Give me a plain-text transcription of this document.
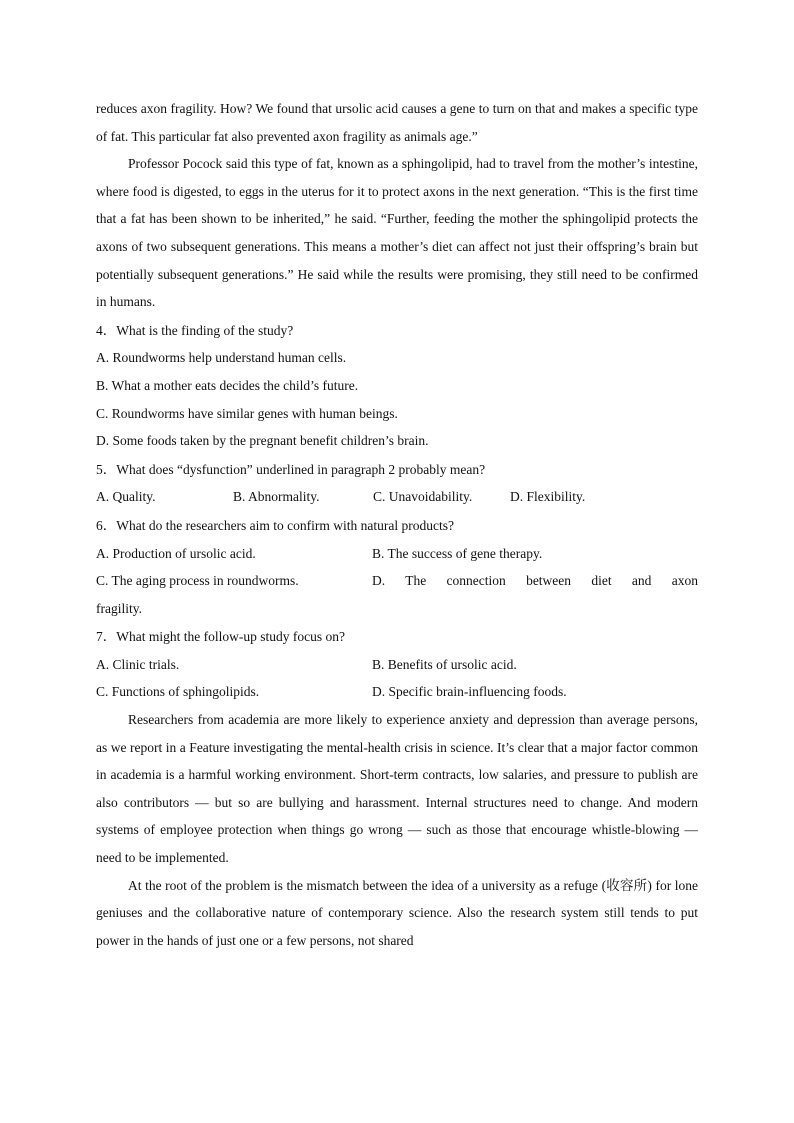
reduces axon fragility. How? We found that ursolic acid causes a gene to turn on that and makes a specific type of fat. This particular fat also prevented axon fragility as animals age.”

Professor Pocock said this type of fat, known as a sphingolipid, had to travel from the mother’s intestine, where food is digested, to eggs in the uterus for it to protect axons in the next generation. “This is the first time that a fat has been shown to be inherited,” he said. “Further, feeding the mother the sphingolipid protects the axons of two subsequent generations. This means a mother’s diet can affect not just their offspring’s brain but potentially subsequent generations.” He said while the results were promising, they still need to be confirmed in humans.

4．What is the finding of the study?

A. Roundworms help understand human cells.

B. What a mother eats decides the child’s future.

C. Roundworms have similar genes with human beings.

D. Some foods taken by the pregnant benefit children’s brain.

5．What does “dysfunction” underlined in paragraph 2 probably mean?

A. Quality.	B. Abnormality.	C. Unavoidability.	D. Flexibility.

6．What do the researchers aim to confirm with natural products?

A. Production of ursolic acid.	B. The success of gene therapy.
C. The aging process in roundworms.	D. The connection between diet and axon

fragility.

7．What might the follow-up study focus on?

A. Clinic trials.	B. Benefits of ursolic acid.
C. Functions of sphingolipids.	D. Specific brain-influencing foods.

Researchers from academia are more likely to experience anxiety and depression than average persons, as we report in a Feature investigating the mental-health crisis in science. It’s clear that a major factor common in academia is a harmful working environment. Short-term contracts, low salaries, and pressure to publish are also contributors — but so are bullying and harassment. Internal structures need to change. And modern systems of employee protection when things go wrong — such as those that encourage whistle-blowing — need to be implemented.

At the root of the problem is the mismatch between the idea of a university as a refuge (收容所) for lone geniuses and the collaborative nature of contemporary science. Also the research system still tends to put power in the hands of just one or a few persons, not shared
